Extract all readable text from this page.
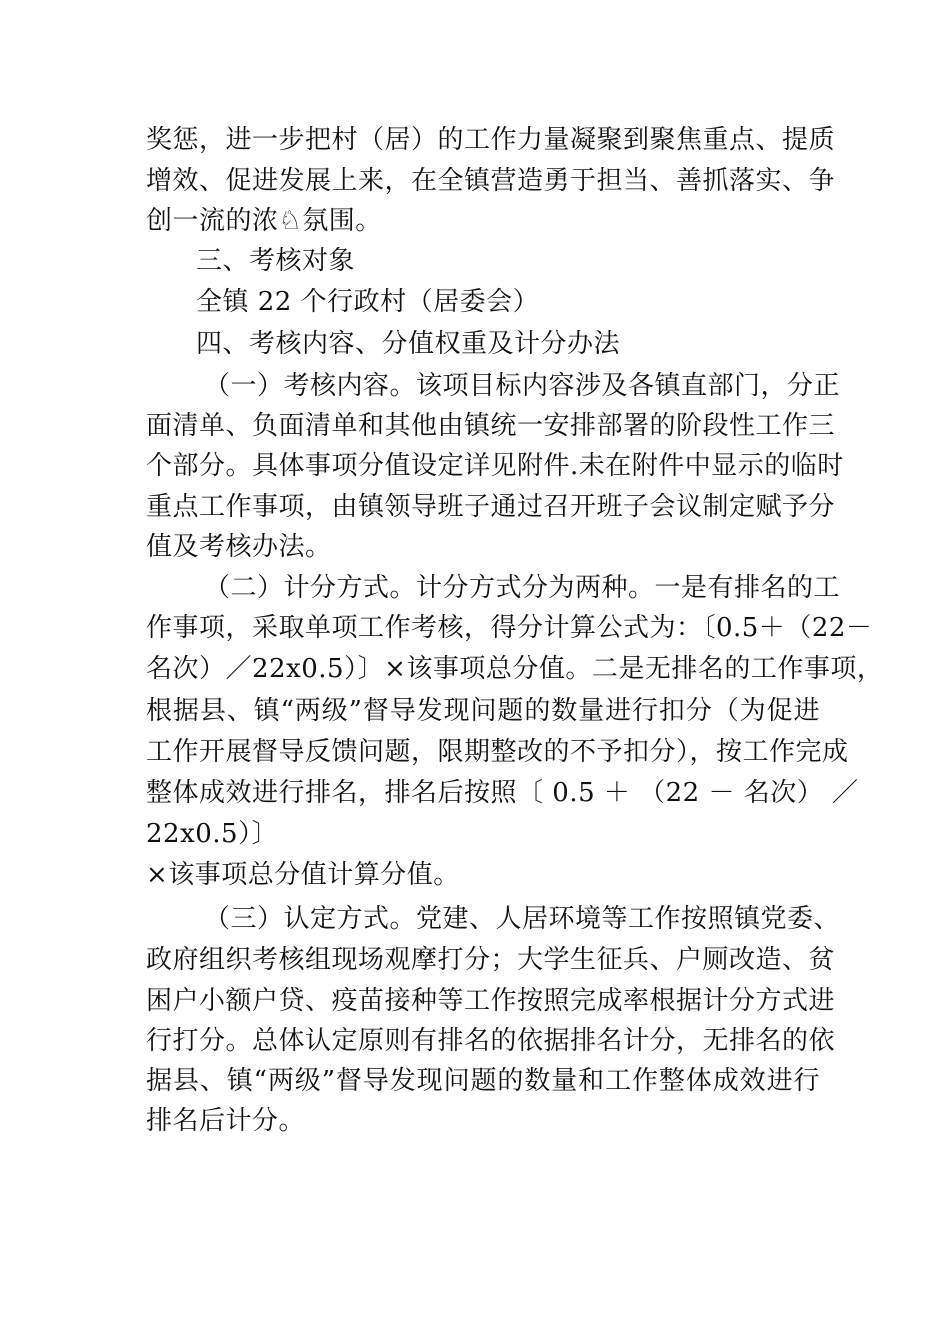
奖惩，进一步把村（居）的工作力量凝聚到聚焦重点、提质
增效、促进发展上来，在全镇营造勇于担当、善抓落实、争
创一流的浓♘氛围。
三、考核对象
全镇 22 个行政村（居委会）
四、考核内容、分值权重及计分办法
（一）考核内容。该项目标内容涉及各镇直部门，分正
面清单、负面清单和其他由镇统一安排部署的阶段性工作三
个部分。具体事项分值设定详见附件.未在附件中显示的临时
重点工作事项，由镇领导班子通过召开班子会议制定赋予分
值及考核办法。
（二）计分方式。计分方式分为两种。一是有排名的工
作事项，采取单项工作考核，得分计算公式为：〔0.5＋（22－
名次）／22x0.5）〕×该事项总分值。二是无排名的工作事项，
根据县、镇“两级”督导发现问题的数量进行扣分（为促进
工作开展督导反馈问题，限期整改的不予扣分），按工作完成
整体成效进行排名，排名后按照〔 0.5 ＋ （22 － 名次） ／
22x0.5）〕
×该事项总分值计算分值。
（三）认定方式。党建、人居环境等工作按照镇党委、
政府组织考核组现场观摩打分；大学生征兵、户厕改造、贫
困户小额户贷、疫苗接种等工作按照完成率根据计分方式进
行打分。总体认定原则有排名的依据排名计分，无排名的依
据县、镇“两级”督导发现问题的数量和工作整体成效进行
排名后计分。
